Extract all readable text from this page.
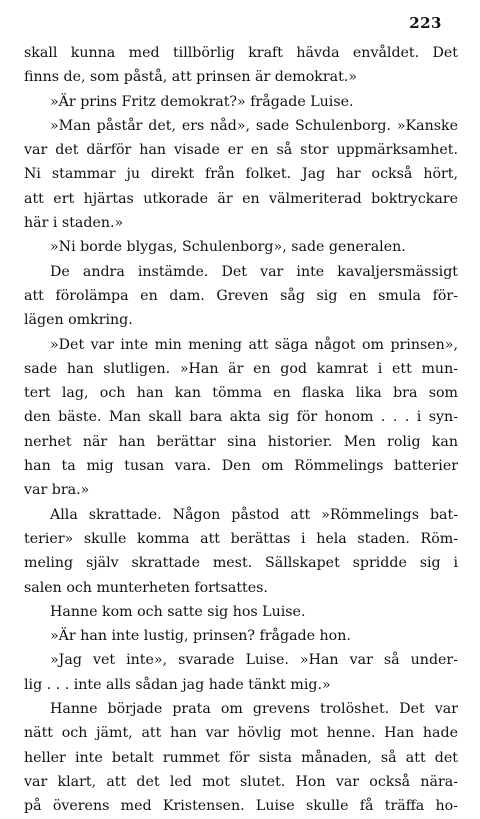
223
skall kunna med tillbörlig kraft hävda envåldet. Det
finns de, som påstå, att prinsen är demokrat.»
»Är prins Fritz demokrat?» frågade Luise.
»Man påstår det, ers nåd», sade Schulenborg. »Kanske
var det därför han visade er en så stor uppmärksamhet.
Ni stammar ju direkt från folket. Jag har också hört,
att ert hjärtas utkorade är en välmeriterad boktryckare
här i staden.»
»Ni borde blygas, Schulenborg», sade generalen.
De andra instämde. Det var inte kavaljersmässigt
att förolämpa en dam. Greven såg sig en smula för-
lägen omkring.
»Det var inte min mening att säga något om prinsen»,
sade han slutligen. »Han är en god kamrat i ett mun-
tert lag, och han kan tömma en flaska lika bra som
den bäste. Man skall bara akta sig för honom . . . i syn-
nerhet när han berättar sina historier. Men rolig kan
han ta mig tusan vara. Den om Römmelings batterier
var bra.»
Alla skrattade. Någon påstod att »Römmelings bat-
terier» skulle komma att berättas i hela staden. Röm-
meling själv skrattade mest. Sällskapet spridde sig i
salen och munterheten fortsattes.
Hanne kom och satte sig hos Luise.
»Är han inte lustig, prinsen? frågade hon.
»Jag vet inte», svarade Luise. »Han var så under-
lig . . . inte alls sådan jag hade tänkt mig.»
Hanne började prata om grevens trolöshet. Det var
nätt och jämt, att han var hövlig mot henne. Han hade
heller inte betalt rummet för sista månaden, så att det
var klart, att det led mot slutet. Hon var också nära-
på överens med Kristensen. Luise skulle få träffa ho-
